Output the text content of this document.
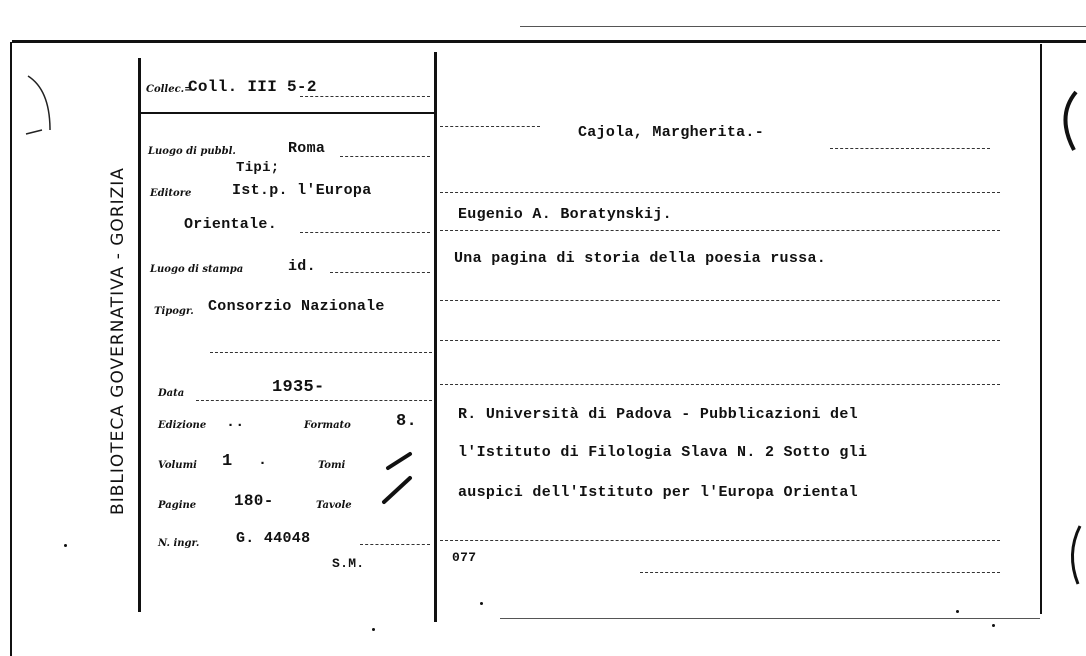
BIBLIOTECA GOVERNATIVA - GORIZIA
Collec.=
Coll. III 5-2
Luogo di pubbl.	Roma
Tipi;
Editore	Ist.p. l'Europa
Orientale.
Luogo di stampa	id.
Tipogr. Consorzio Nazionale
Data	1935-
Edizione ..	Formato	8.
Volumi 1 .	Tomi
Pagine 180-	Tavole
N. ingr. G. 44048
S.M.
Cajola, Margherita.-
Eugenio A. Boratynskij.
Una pagina di storia della poesia russa.
R. Università di Padova - Pubblicazioni del
l'Istituto di Filologia Slava N. 2 Sotto gli
auspici dell'Istituto per l'Europa Oriental
077
